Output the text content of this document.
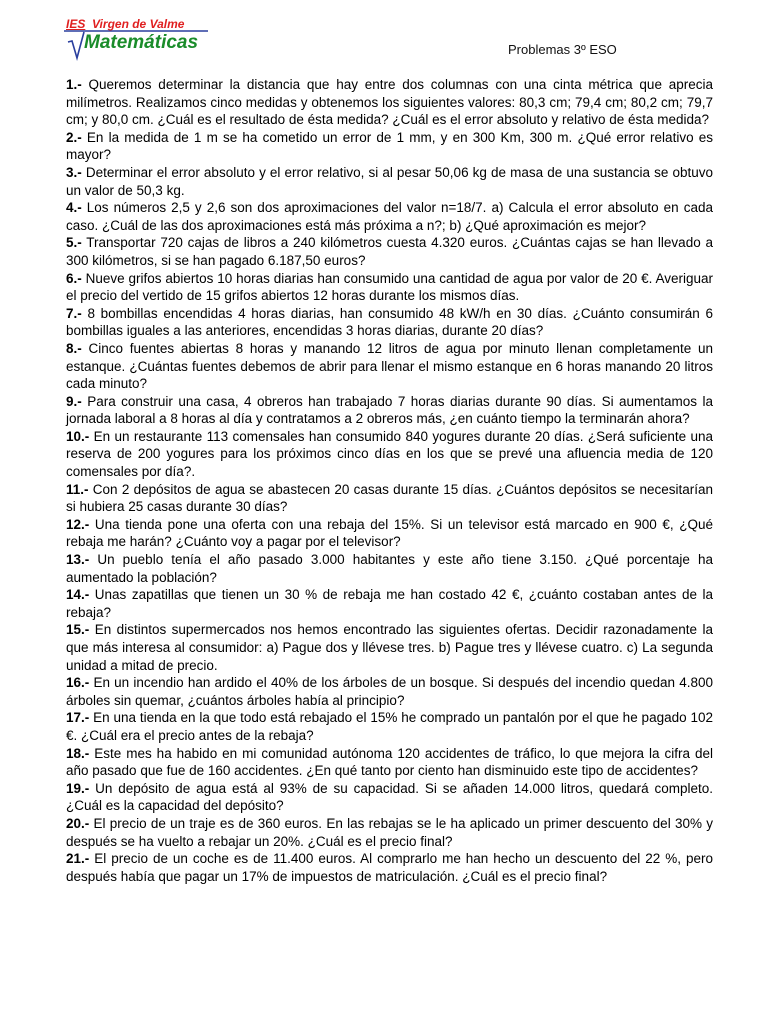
IES Virgen de Valme
Matemáticas	Problemas 3º ESO

1.- Queremos determinar la distancia que hay entre dos columnas con una cinta métrica que aprecia milímetros. Realizamos cinco medidas y obtenemos los siguientes valores: 80,3 cm; 79,4 cm; 80,2 cm; 79,7 cm; y 80,0 cm. ¿Cuál es el resultado de ésta medida? ¿Cuál es el error absoluto y relativo de ésta medida?

2.- En la medida de 1 m se ha cometido un error de 1 mm, y en 300 Km, 300 m. ¿Qué error relativo es mayor?

3.- Determinar el error absoluto y el error relativo, si al pesar 50,06 kg de masa de una sustancia se obtuvo un valor de 50,3 kg.

4.- Los números 2,5 y 2,6 son dos aproximaciones del valor n=18/7. a) Calcula el error absoluto en cada caso. ¿Cuál de las dos aproximaciones está más próxima a n?; b) ¿Qué aproximación es mejor?

5.- Transportar 720 cajas de libros a 240 kilómetros cuesta 4.320 euros. ¿Cuántas cajas se han llevado a 300 kilómetros, si se han pagado 6.187,50 euros?

6.- Nueve grifos abiertos 10 horas diarias han consumido una cantidad de agua por valor de 20 €. Averiguar el precio del vertido de 15 grifos abiertos 12 horas durante los mismos días.

7.- 8 bombillas encendidas 4 horas diarias, han consumido 48 kW/h en 30 días. ¿Cuánto consumirán 6 bombillas iguales a las anteriores, encendidas 3 horas diarias, durante 20 días?

8.- Cinco fuentes abiertas 8 horas y manando 12 litros de agua por minuto llenan completamente un estanque. ¿Cuántas fuentes debemos de abrir para llenar el mismo estanque en 6 horas manando 20 litros cada minuto?

9.- Para construir una casa, 4 obreros han trabajado 7 horas diarias durante 90 días. Si aumentamos la jornada laboral a 8 horas al día y contratamos a 2 obreros más, ¿en cuánto tiempo la terminarán ahora?

10.- En un restaurante 113 comensales han consumido 840 yogures durante 20 días. ¿Será suficiente una reserva de 200 yogures para los próximos cinco días en los que se prevé una afluencia media de 120 comensales por día?.

11.- Con 2 depósitos de agua se abastecen 20 casas durante 15 días. ¿Cuántos depósitos se necesitarían si hubiera 25 casas durante 30 días?

12.- Una tienda pone una oferta con una rebaja del 15%. Si un televisor está marcado en 900 €, ¿Qué rebaja me harán? ¿Cuánto voy a pagar por el televisor?

13.- Un pueblo tenía el año pasado 3.000 habitantes y este año tiene 3.150. ¿Qué porcentaje ha aumentado la población?

14.- Unas zapatillas que tienen un 30 % de rebaja me han costado 42 €, ¿cuánto costaban antes de la rebaja?

15.- En distintos supermercados nos hemos encontrado las siguientes ofertas. Decidir razonadamente la que más interesa al consumidor: a) Pague dos y llévese tres. b) Pague tres y llévese cuatro. c) La segunda unidad a mitad de precio.

16.- En un incendio han ardido el 40% de los árboles de un bosque. Si después del incendio quedan 4.800 árboles sin quemar, ¿cuántos árboles había al principio?

17.- En una tienda en la que todo está rebajado el 15% he comprado un pantalón por el que he pagado 102 €. ¿Cuál era el precio antes de la rebaja?

18.- Este mes ha habido en mi comunidad autónoma 120 accidentes de tráfico, lo que mejora la cifra del año pasado que fue de 160 accidentes. ¿En qué tanto por ciento han disminuido este tipo de accidentes?

19.- Un depósito de agua está al 93% de su capacidad. Si se añaden 14.000 litros, quedará completo. ¿Cuál es la capacidad del depósito?

20.- El precio de un traje es de 360 euros. En las rebajas se le ha aplicado un primer descuento del 30% y después se ha vuelto a rebajar un 20%. ¿Cuál es el precio final?

21.- El precio de un coche es de 11.400 euros. Al comprarlo me han hecho un descuento del 22 %, pero después había que pagar un 17% de impuestos de matriculación. ¿Cuál es el precio final?
